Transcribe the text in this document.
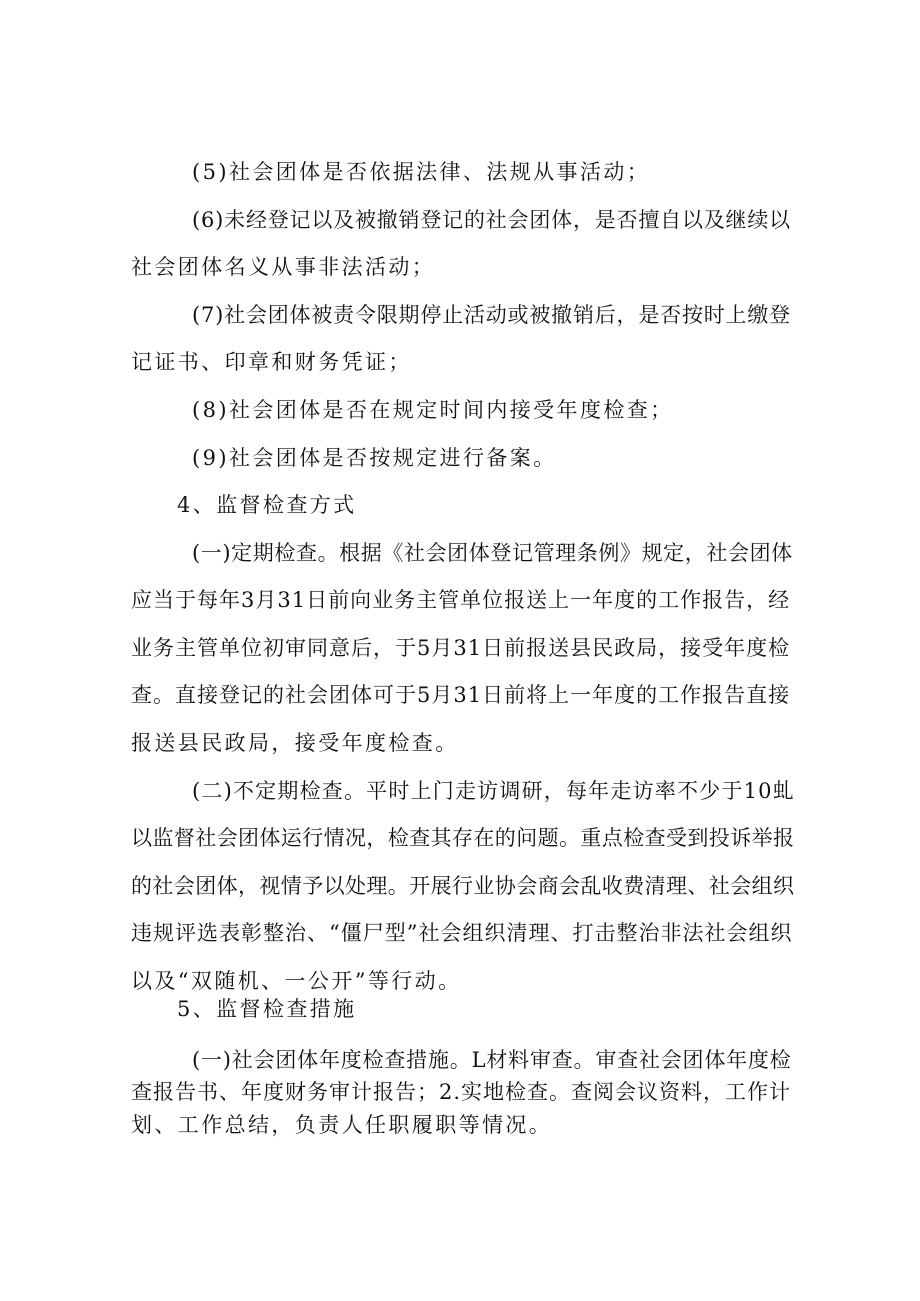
(5)社会团体是否依据法律、法规从事活动；
(6)未经登记以及被撤销登记的社会团体，是否擅自以及继续以
社会团体名义从事非法活动；
(7)社会团体被责令限期停止活动或被撤销后，是否按时上缴登
记证书、印章和财务凭证；
(8)社会团体是否在规定时间内接受年度检查；
(9)社会团体是否按规定进行备案。
4、监督检查方式
(一)定期检查。根据《社会团体登记管理条例》规定，社会团体
应当于每年3月31日前向业务主管单位报送上一年度的工作报告，经
业务主管单位初审同意后，于5月31日前报送县民政局，接受年度检
查。直接登记的社会团体可于5月31日前将上一年度的工作报告直接
报送县民政局，接受年度检查。
(二)不定期检查。平时上门走访调研，每年走访率不少于10虬
以监督社会团体运行情况，检查其存在的问题。重点检查受到投诉举报
的社会团体，视情予以处理。开展行业协会商会乱收费清理、社会组织
违规评选表彰整治、“僵尸型”社会组织清理、打击整治非法社会组织
以及“双随机、一公开”等行动。
5、监督检查措施
(一)社会团体年度检查措施。L材料审查。审查社会团体年度检
查报告书、年度财务审计报告；2.实地检查。查阅会议资料，工作计
划、工作总结，负责人任职履职等情况。
